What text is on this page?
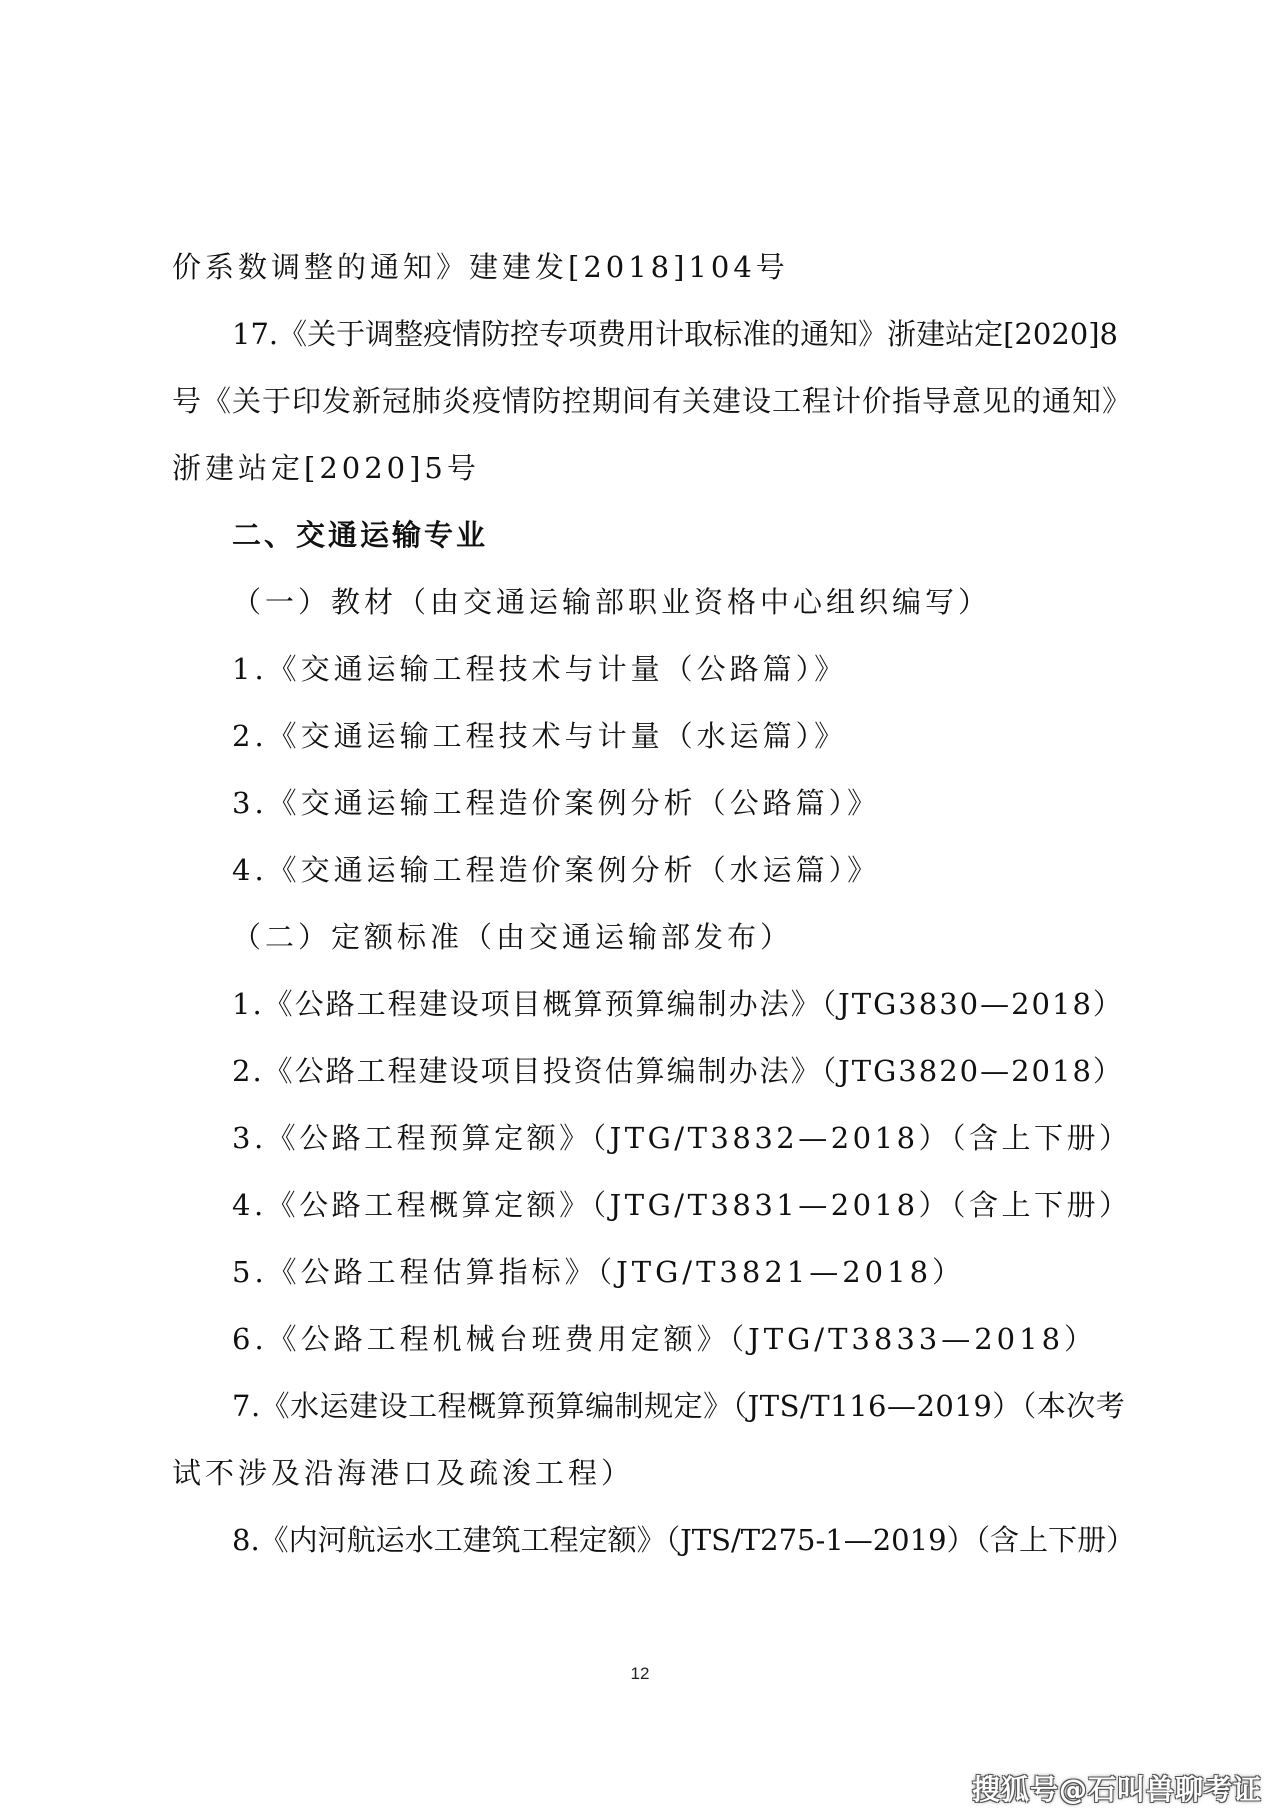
价系数调整的通知》建建发[2018]104号
17.《关于调整疫情防控专项费用计取标准的通知》浙建站定[2020]8
号《关于印发新冠肺炎疫情防控期间有关建设工程计价指导意见的通知》
浙建站定[2020]5号
二、交通运输专业
（一）教材（由交通运输部职业资格中心组织编写）
1.《交通运输工程技术与计量（公路篇）》
2.《交通运输工程技术与计量（水运篇）》
3.《交通运输工程造价案例分析（公路篇）》
4.《交通运输工程造价案例分析（水运篇）》
（二）定额标准（由交通运输部发布）
1.《公路工程建设项目概算预算编制办法》（JTG3830—2018）
2.《公路工程建设项目投资估算编制办法》（JTG3820—2018）
3.《公路工程预算定额》（JTG/T3832—2018）（含上下册）
4.《公路工程概算定额》（JTG/T3831—2018）（含上下册）
5.《公路工程估算指标》（JTG/T3821—2018）
6.《公路工程机械台班费用定额》（JTG/T3833—2018）
7.《水运建设工程概算预算编制规定》（JTS/T116—2019）（本次考
试不涉及沿海港口及疏浚工程）
8.《内河航运水工建筑工程定额》（JTS/T275-1—2019）（含上下册）
12
搜狐号@石叫兽聊考证
